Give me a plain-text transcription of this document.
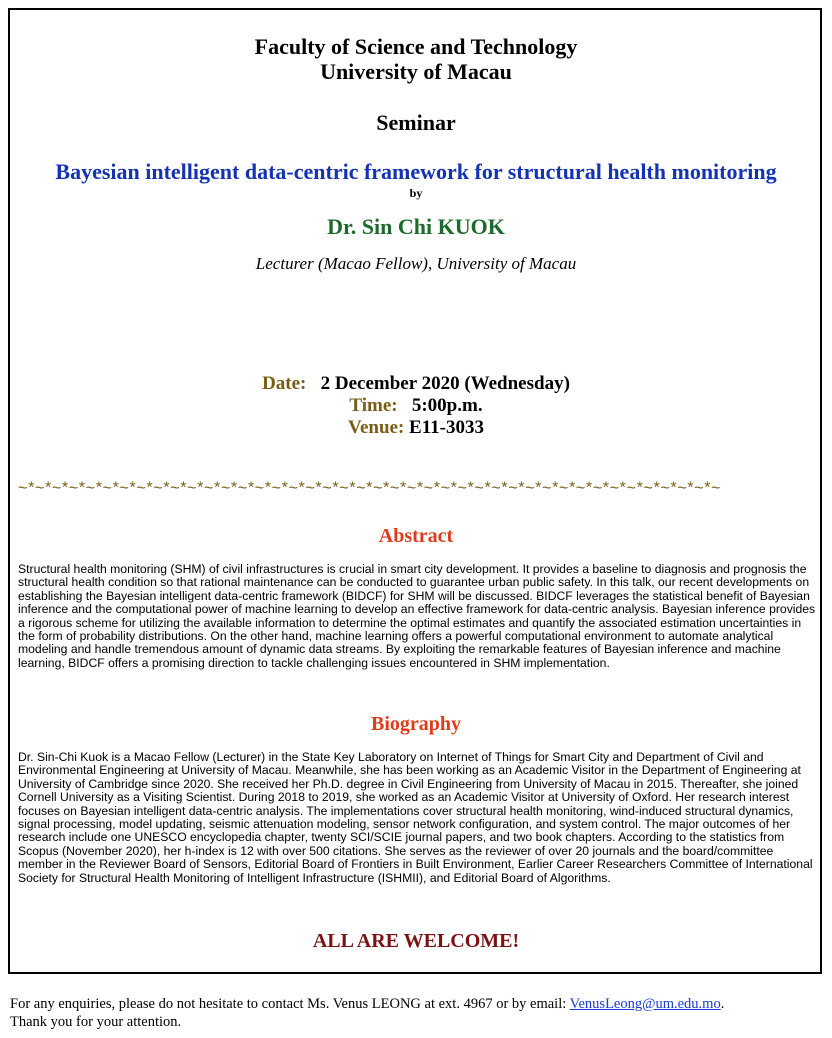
Faculty of Science and Technology
University of Macau
Seminar
Bayesian intelligent data-centric framework for structural health monitoring
by
Dr. Sin Chi KUOK
Lecturer (Macao Fellow), University of Macau
Date: 2 December 2020 (Wednesday)
Time: 5:00p.m.
Venue: E11-3033
~*~*~*~*~*~*~*~*~*~*~*~*~*~*~*~*~*~*~*~*~*~*~*~*~*~*~*~*~*~*~*~*~*~*~*~*~*~*~*~*~*~
Abstract
Structural health monitoring (SHM) of civil infrastructures is crucial in smart city development. It provides a baseline to diagnosis and prognosis the structural health condition so that rational maintenance can be conducted to guarantee urban public safety. In this talk, our recent developments on establishing the Bayesian intelligent data-centric framework (BIDCF) for SHM will be discussed. BIDCF leverages the statistical benefit of Bayesian inference and the computational power of machine learning to develop an effective framework for data-centric analysis. Bayesian inference provides a rigorous scheme for utilizing the available information to determine the optimal estimates and quantify the associated estimation uncertainties in the form of probability distributions. On the other hand, machine learning offers a powerful computational environment to automate analytical modeling and handle tremendous amount of dynamic data streams. By exploiting the remarkable features of Bayesian inference and machine learning, BIDCF offers a promising direction to tackle challenging issues encountered in SHM implementation.
Biography
Dr. Sin-Chi Kuok is a Macao Fellow (Lecturer) in the State Key Laboratory on Internet of Things for Smart City and Department of Civil and Environmental Engineering at University of Macau. Meanwhile, she has been working as an Academic Visitor in the Department of Engineering at University of Cambridge since 2020. She received her Ph.D. degree in Civil Engineering from University of Macau in 2015. Thereafter, she joined Cornell University as a Visiting Scientist. During 2018 to 2019, she worked as an Academic Visitor at University of Oxford. Her research interest focuses on Bayesian intelligent data-centric analysis. The implementations cover structural health monitoring, wind-induced structural dynamics, signal processing, model updating, seismic attenuation modeling, sensor network configuration, and system control. The major outcomes of her research include one UNESCO encyclopedia chapter, twenty SCI/SCIE journal papers, and two book chapters. According to the statistics from Scopus (November 2020), her h-index is 12 with over 500 citations. She serves as the reviewer of over 20 journals and the board/committee member in the Reviewer Board of Sensors, Editorial Board of Frontiers in Built Environment, Earlier Career Researchers Committee of International Society for Structural Health Monitoring of Intelligent Infrastructure (ISHMII), and Editorial Board of Algorithms.
ALL ARE WELCOME!
For any enquiries, please do not hesitate to contact Ms. Venus LEONG at ext. 4967 or by email: VenusLeong@um.edu.mo.
Thank you for your attention.
